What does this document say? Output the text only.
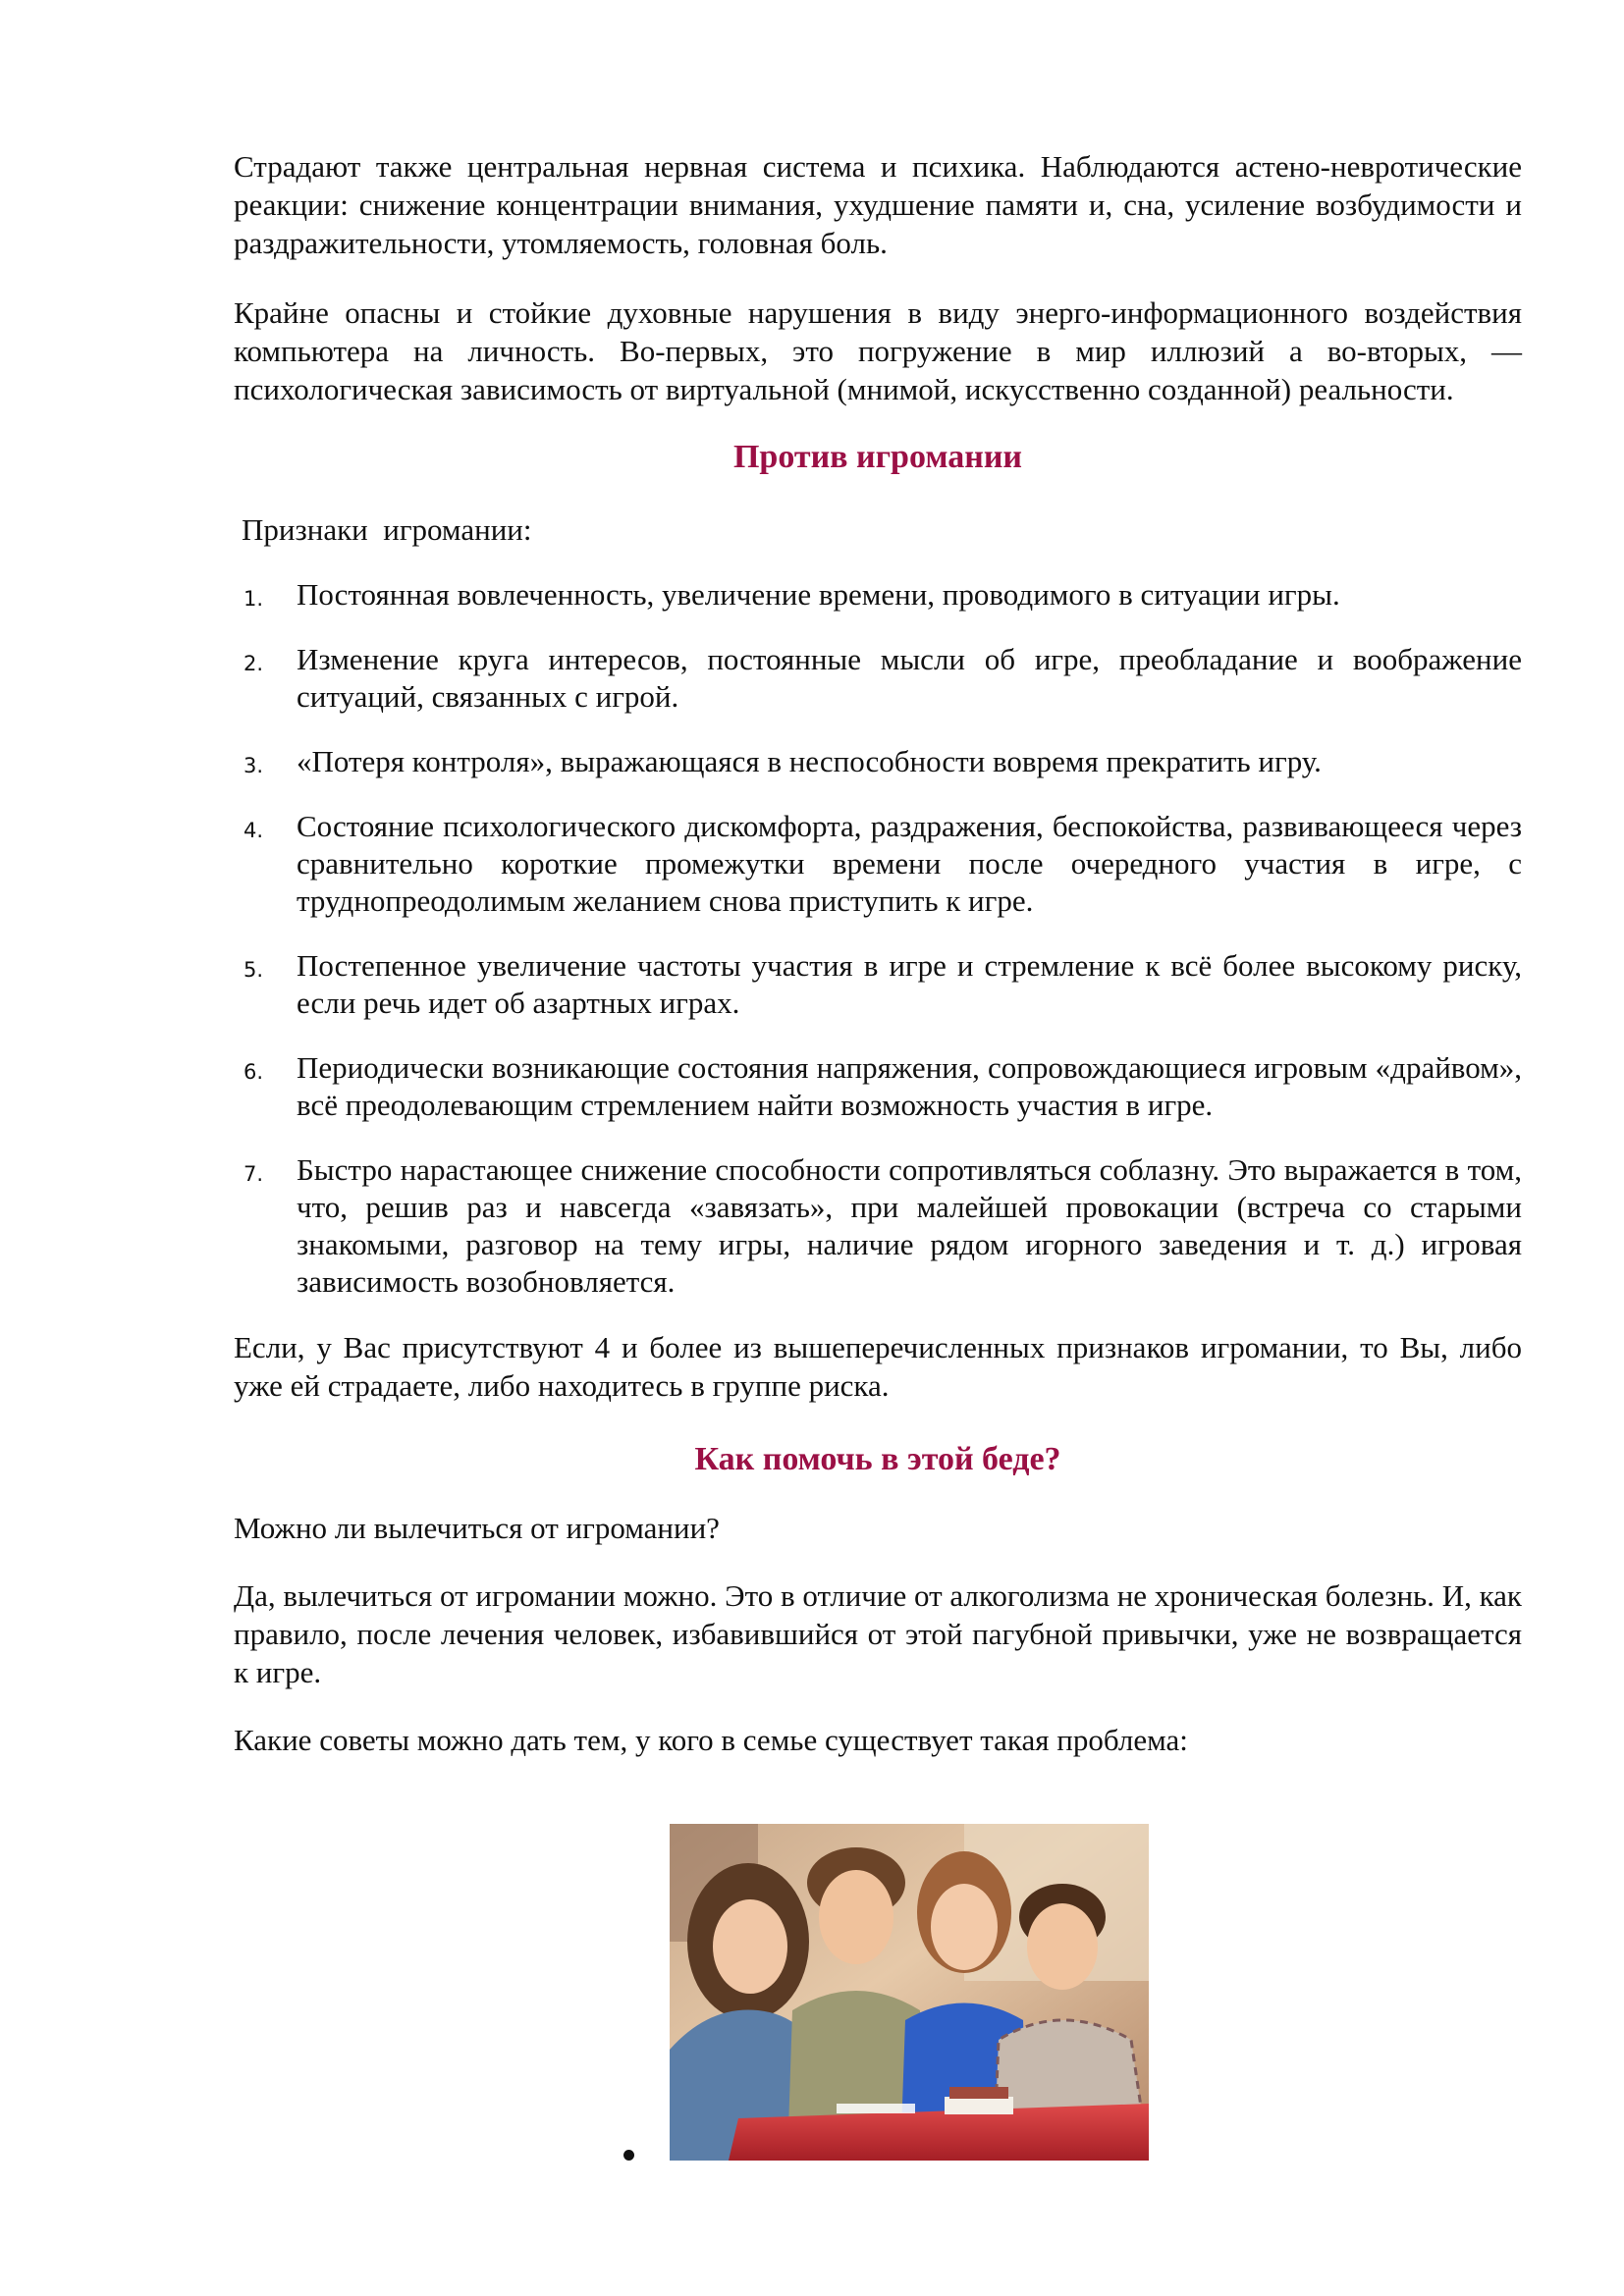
Страдают также центральная нервная система и психика. Наблюдаются астено-невротические реакции: снижение концентрации внимания, ухудшение памяти и, сна, усиление возбудимости и раздражительности, утомляемость, головная боль.

Крайне опасны и стойкие духовные нарушения в виду энерго-информационного воздействия компьютера на личность. Во-первых, это погружение в мир иллюзий а во-вторых, — психологическая зависимость от виртуальной (мнимой, искусственно созданной) реальности.

Против игромании

Признаки  игромании:

1. Постоянная вовлеченность, увеличение времени, проводимого в ситуации игры.
2. Изменение круга интересов, постоянные мысли об игре, преобладание и воображение ситуаций, связанных с игрой.
3. «Потеря контроля», выражающаяся в неспособности вовремя прекратить игру.
4. Состояние психологического дискомфорта, раздражения, беспокойства, развивающееся через сравнительно короткие промежутки времени после очередного участия в игре, с труднопреодолимым желанием снова приступить к игре.
5. Постепенное увеличение частоты участия в игре и стремление к всё более высокому риску, если речь идет об азартных играх.
6. Периодически возникающие состояния напряжения, сопровождающиеся игровым «драйвом», всё преодолевающим стремлением найти возможность участия в игре.
7. Быстро нарастающее снижение способности сопротивляться соблазну. Это выражается в том, что, решив раз и навсегда «завязать», при малейшей провокации (встреча со старыми знакомыми, разговор на тему игры, наличие рядом игорного заведения и т. д.) игровая зависимость возобновляется.

Если, у Вас присутствуют 4 и более из вышеперечисленных признаков игромании, то Вы, либо уже ей страдаете, либо находитесь в группе риска.

Как помочь в этой беде?

Можно ли вылечиться от игромании?

Да, вылечиться от игромании можно. Это в отличие от алкоголизма не хроническая болезнь. И, как правило, после лечения человек, избавившийся от этой пагубной привычки, уже не возвращается к игре.

Какие советы можно дать тем, у кого в семье существует такая проблема:
